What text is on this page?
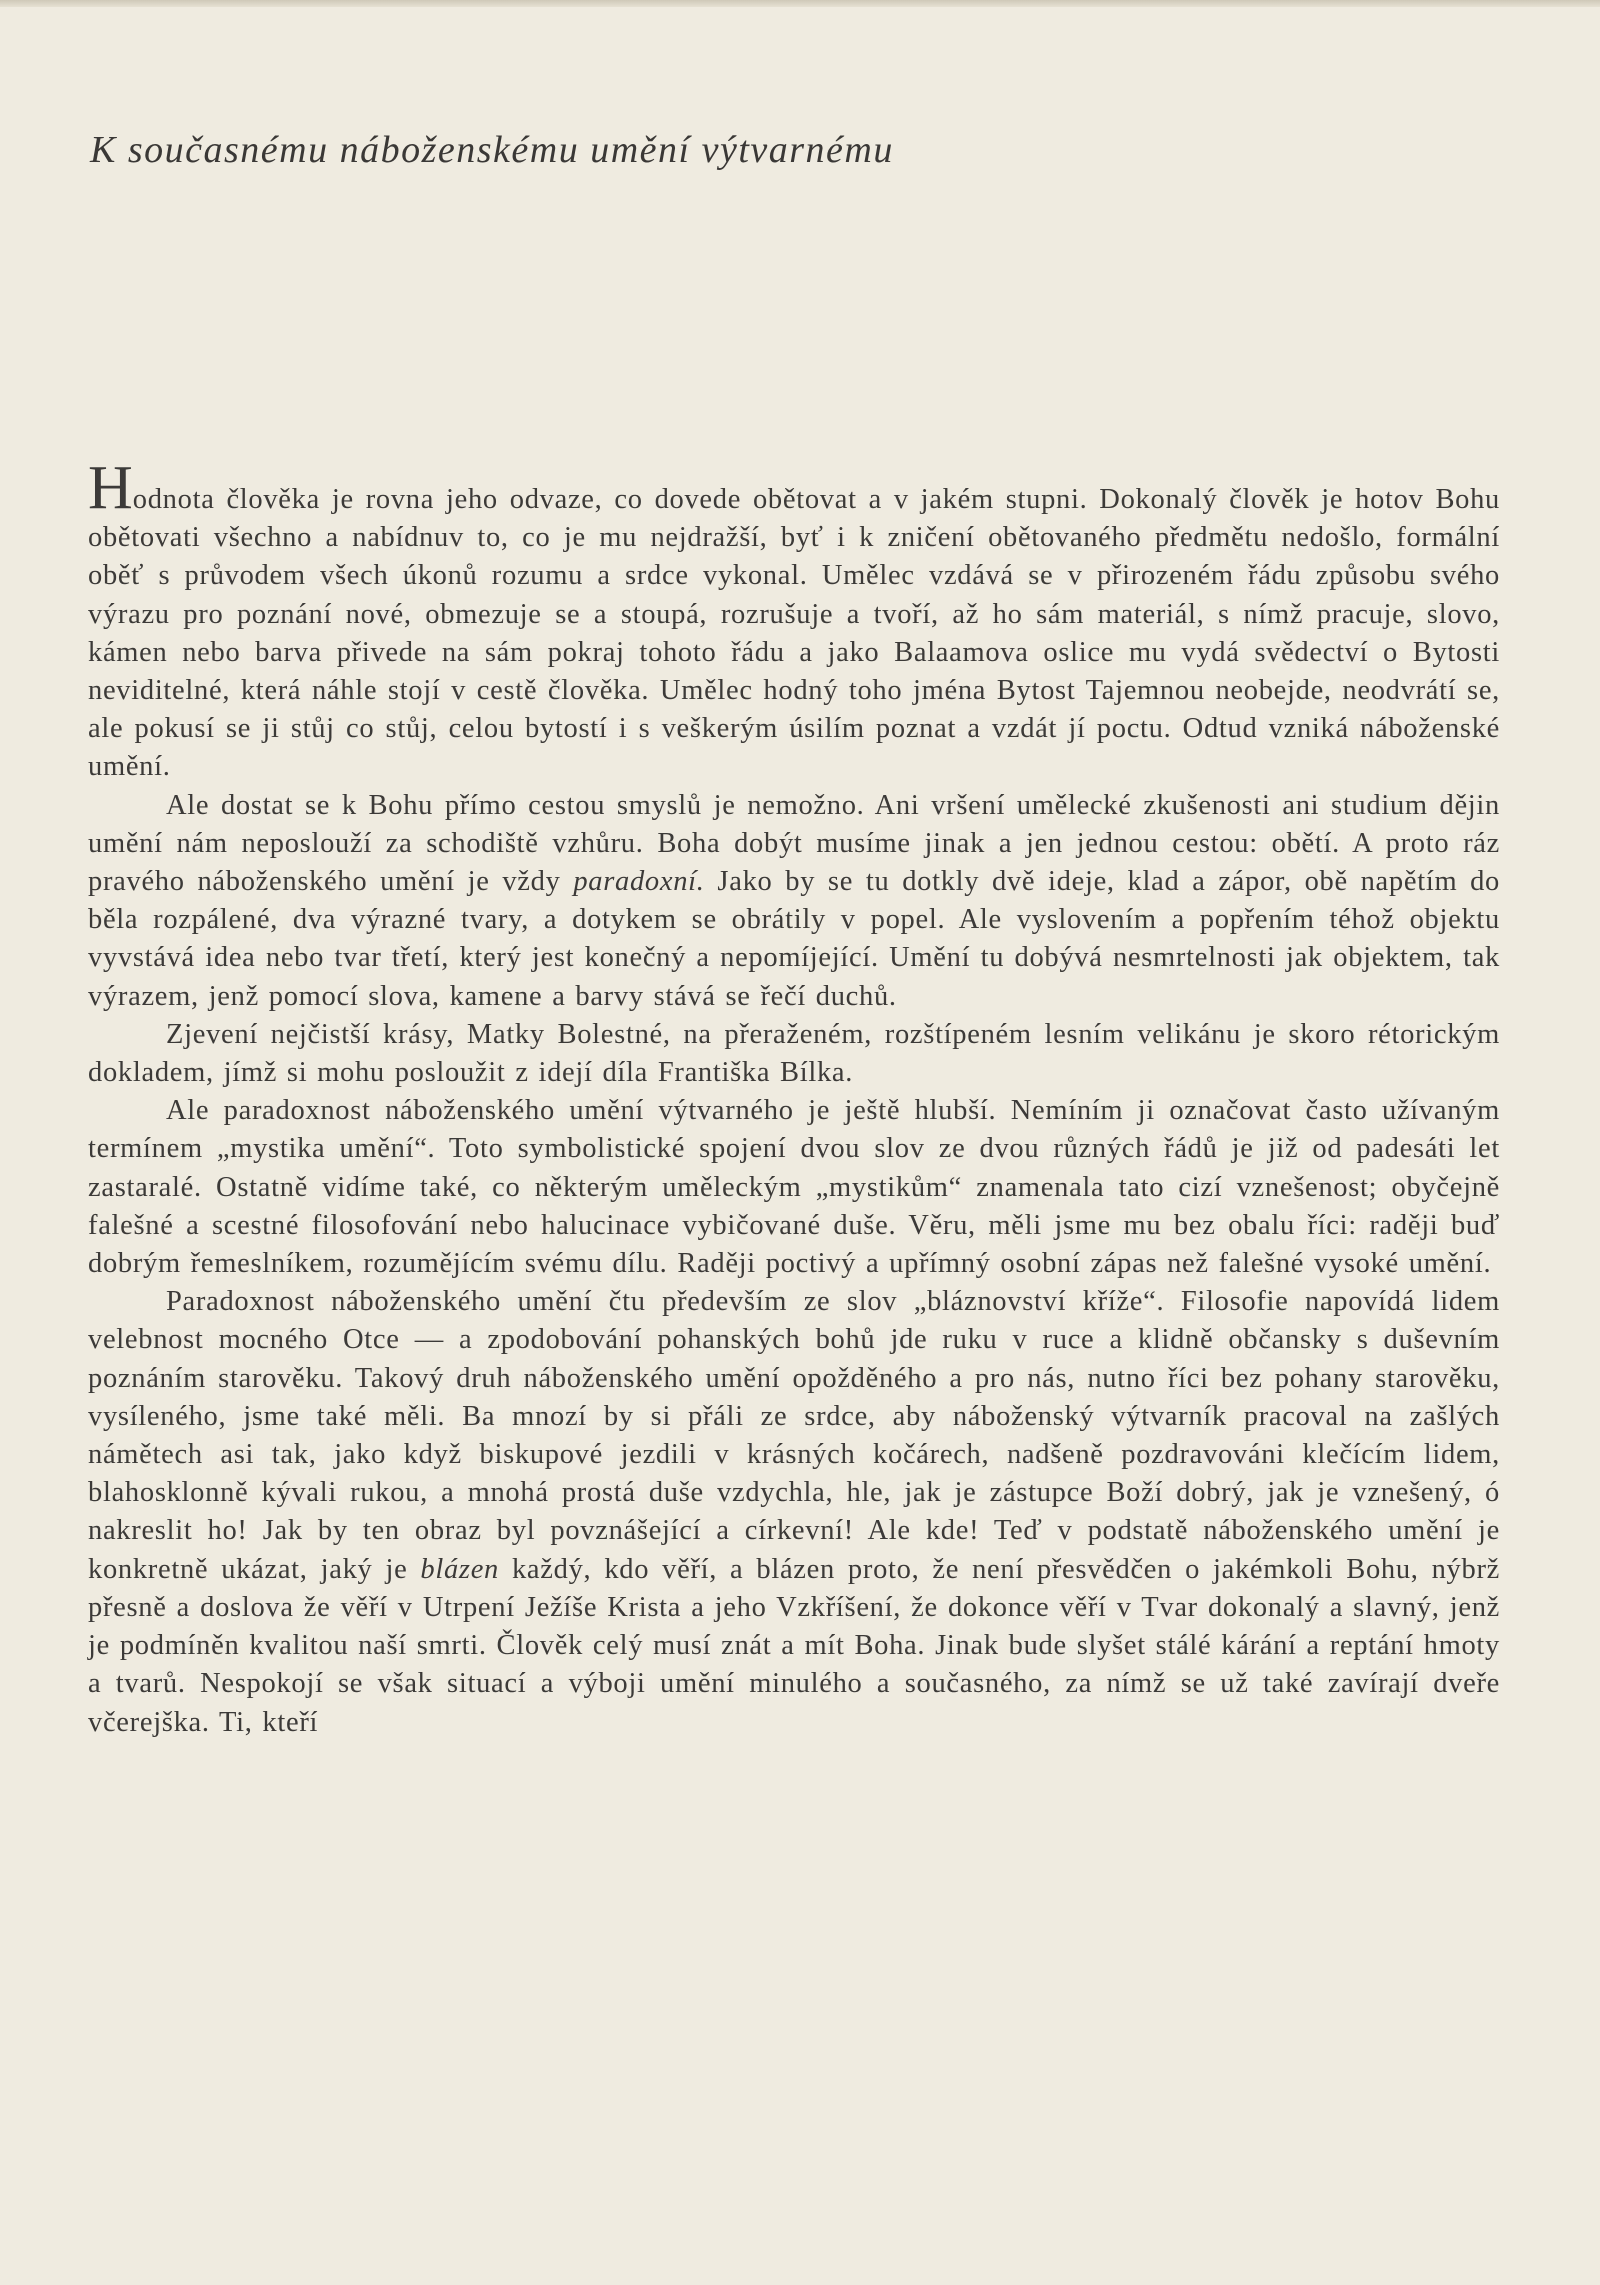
K současnému náboženskému umění výtvarnému

Hodnota člověka je rovna jeho odvaze, co dovede obětovat a v jakém stupni. Dokonalý člověk je hotov Bohu obětovati všechno a nabídnuv to, co je mu nejdražší, byť i k zničení obětovaného předmětu nedošlo, formální oběť s průvodem všech úkonů rozumu a srdce vykonal. Umělec vzdává se v přirozeném řádu způsobu svého výrazu pro poznání nové, obmezuje se a stoupá, rozrušuje a tvoří, až ho sám materiál, s nímž pracuje, slovo, kámen nebo barva přivede na sám pokraj tohoto řádu a jako Balaamova oslice mu vydá svědectví o Bytosti neviditelné, která náhle stojí v cestě člověka. Umělec hodný toho jména Bytost Tajemnou neobejde, neodvrátí se, ale pokusí se ji stůj co stůj, celou bytostí i s veškerým úsilím poznat a vzdát jí poctu. Odtud vzniká náboženské umění.

Ale dostat se k Bohu přímo cestou smyslů je nemožno. Ani vršení umělecké zkušenosti ani studium dějin umění nám neposlouží za schodiště vzhůru. Boha dobýt musíme jinak a jen jednou cestou: obětí. A proto ráz pravého náboženského umění je vždy paradoxní. Jako by se tu dotkly dvě ideje, klad a zápor, obě napětím do běla rozpálené, dva výrazné tvary, a dotykem se obrátily v popel. Ale vyslovením a popřením téhož objektu vyvstává idea nebo tvar třetí, který jest konečný a nepomíjející. Umění tu dobývá nesmrtelnosti jak objektem, tak výrazem, jenž pomocí slova, kamene a barvy stává se řečí duchů.

Zjevení nejčistší krásy, Matky Bolestné, na přeraženém, rozštípeném lesním velikánu je skoro rétorickým dokladem, jímž si mohu posloužit z idejí díla Františka Bílka.

Ale paradoxnost náboženského umění výtvarného je ještě hlubší. Nemíním ji označovat často užívaným termínem „mystika umění“. Toto symbolistické spojení dvou slov ze dvou různých řádů je již od padesáti let zastaralé. Ostatně vidíme také, co některým uměleckým „mystikům“ znamenala tato cizí vznešenost; obyčejně falešné a scestné filosofování nebo halucinace vybičované duše. Věru, měli jsme mu bez obalu říci: raději buď dobrým řemeslníkem, rozumějícím svému dílu. Raději poctivý a upřímný osobní zápas než falešné vysoké umění.

Paradoxnost náboženského umění čtu především ze slov „bláznovství kříže“. Filosofie napovídá lidem velebnost mocného Otce — a zpodobování pohanských bohů jde ruku v ruce a klidně občansky s duševním poznáním starověku. Takový druh náboženského umění opožděného a pro nás, nutno říci bez pohany starověku, vysíleného, jsme také měli. Ba mnozí by si přáli ze srdce, aby náboženský výtvarník pracoval na zašlých námětech asi tak, jako když biskupové jezdili v krásných kočárech, nadšeně pozdravováni klečícím lidem, blahosklonně kývali rukou, a mnohá prostá duše vzdychla, hle, jak je zástupce Boží dobrý, jak je vznešený, ó nakreslit ho! Jak by ten obraz byl povznášející a církevní! Ale kde! Teď v podstatě náboženského umění je konkretně ukázat, jaký je blázen každý, kdo věří, a blázen proto, že není přesvědčen o jakémkoli Bohu, nýbrž přesně a doslova že věří v Utrpení Ježíše Krista a jeho Vzkříšení, že dokonce věří v Tvar dokonalý a slavný, jenž je podmíněn kvalitou naší smrti. Člověk celý musí znát a mít Boha. Jinak bude slyšet stálé kárání a reptání hmoty a tvarů. Nespokojí se však situací a výboji umění minulého a současného, za nímž se už také zavírají dveře včerejška. Ti, kteří
